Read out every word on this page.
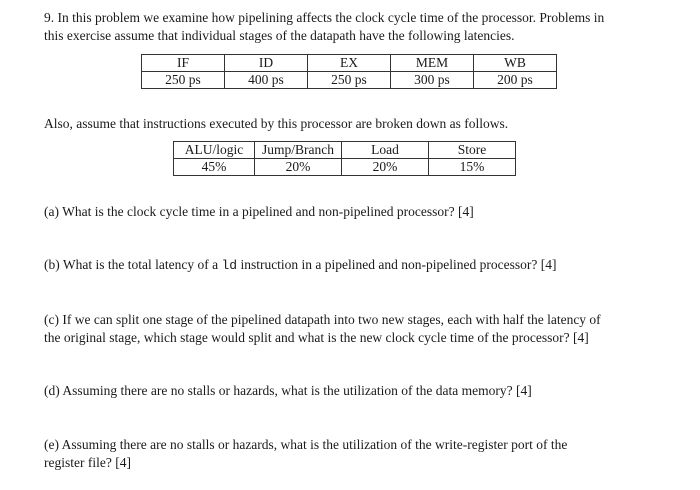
9. In this problem we examine how pipelining affects the clock cycle time of the processor. Problems in
this exercise assume that individual stages of the datapath have the following latencies.
IF	ID	EX	MEM	WB
250 ps	400 ps	250 ps	300 ps	200 ps
Also, assume that instructions executed by this processor are broken down as follows.
ALU/logic	Jump/Branch	Load	Store
45%	20%	20%	15%
(a) What is the clock cycle time in a pipelined and non-pipelined processor? [4]
(b) What is the total latency of a ld instruction in a pipelined and non-pipelined processor? [4]
(c) If we can split one stage of the pipelined datapath into two new stages, each with half the latency of
the original stage, which stage would split and what is the new clock cycle time of the processor? [4]
(d) Assuming there are no stalls or hazards, what is the utilization of the data memory? [4]
(e) Assuming there are no stalls or hazards, what is the utilization of the write-register port of the
register file? [4]
